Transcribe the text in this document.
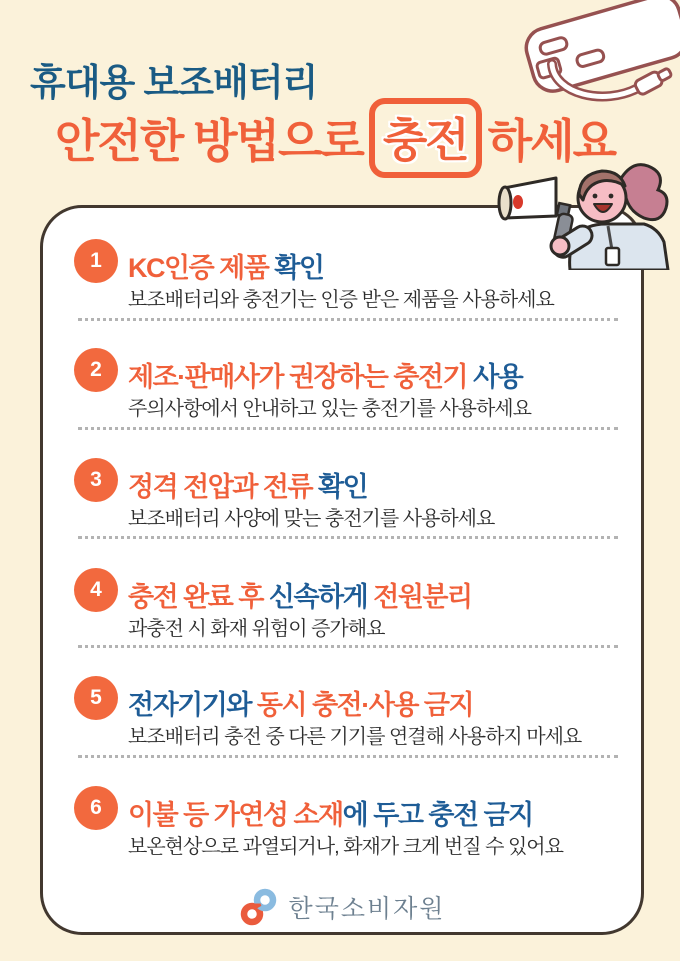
휴대용 보조배터리
안전한 방법으로 충전 하세요
1 KC인증 제품 확인
보조배터리와 충전기는 인증 받은 제품을 사용하세요
2 제조·판매사가 권장하는 충전기 사용
주의사항에서 안내하고 있는 충전기를 사용하세요
3 정격 전압과 전류 확인
보조배터리 사양에 맞는 충전기를 사용하세요
4 충전 완료 후 신속하게 전원분리
과충전 시 화재 위험이 증가해요
5 전자기기와 동시 충전·사용 금지
보조배터리 충전 중 다른 기기를 연결해 사용하지 마세요
6 이불 등 가연성 소재에 두고 충전 금지
보온현상으로 과열되거나, 화재가 크게 번질 수 있어요
한국소비자원
